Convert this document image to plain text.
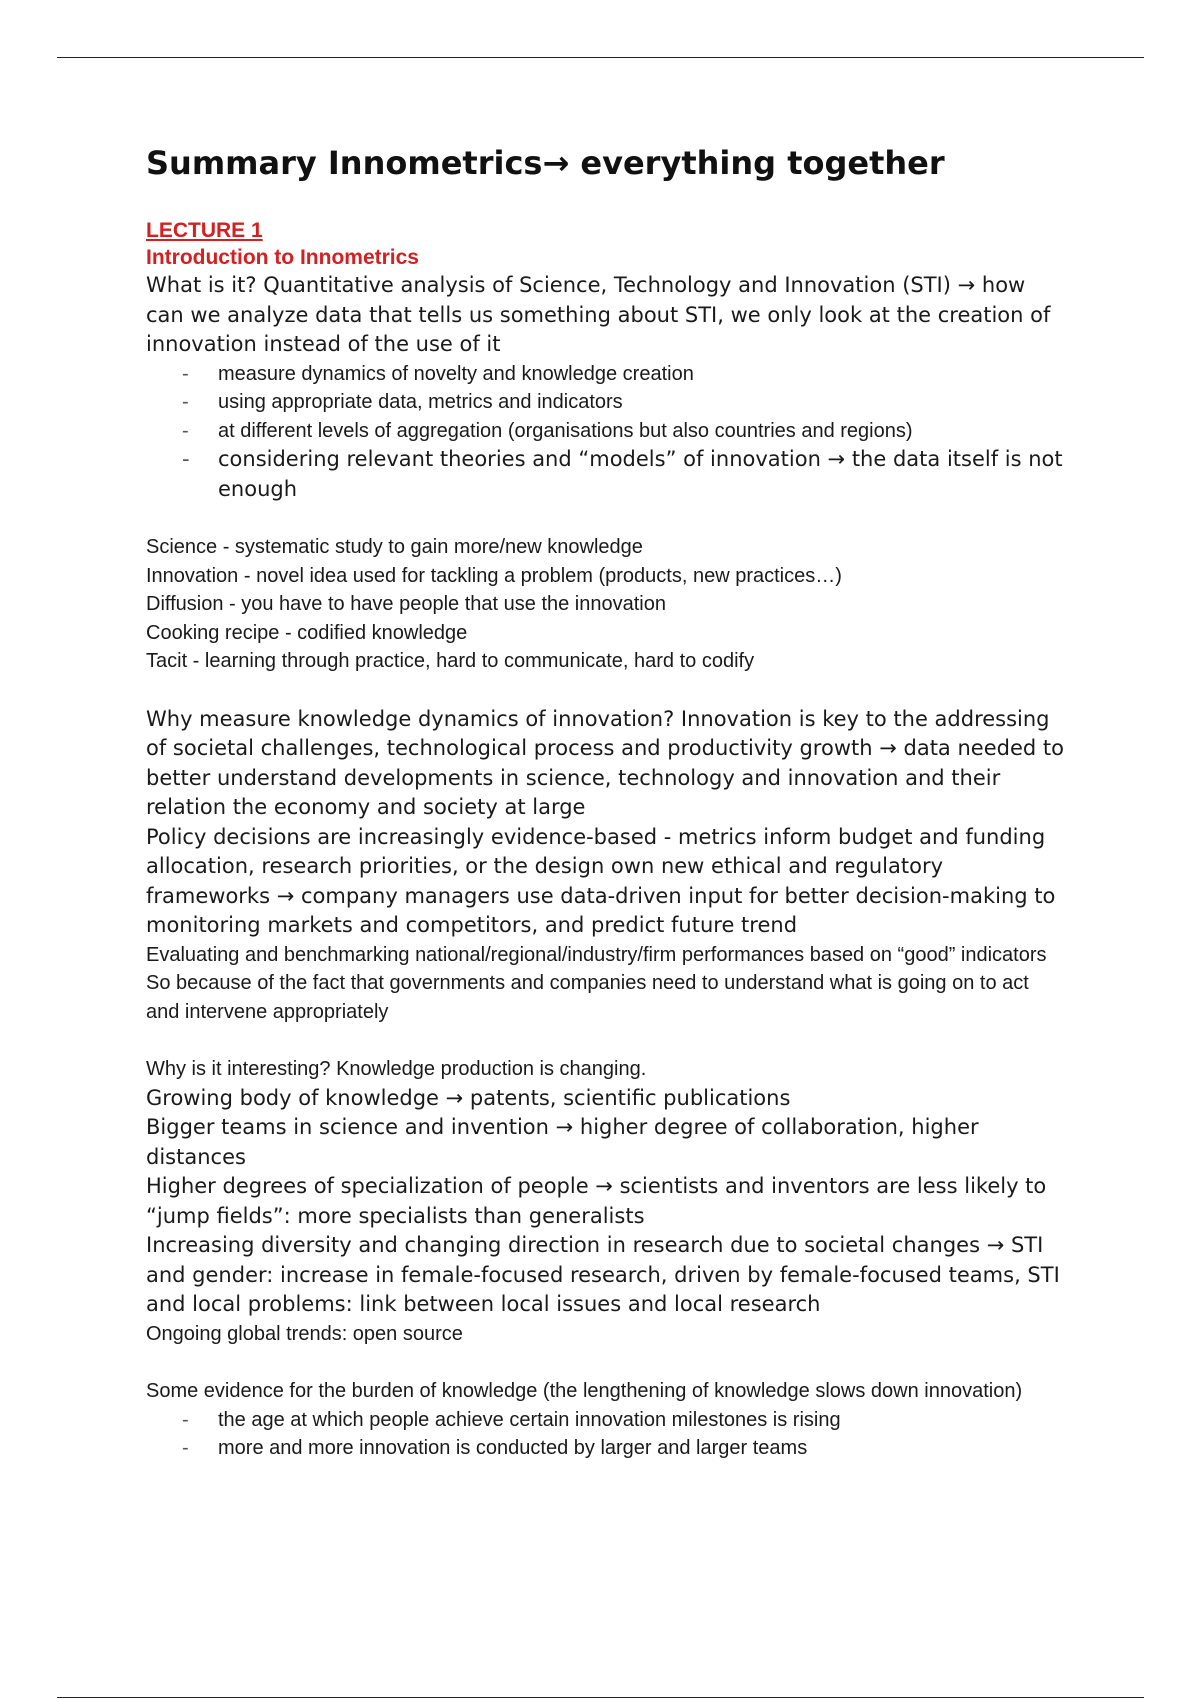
Summary Innometrics→ everything together

LECTURE 1

Introduction to Innometrics

What is it? Quantitative analysis of Science, Technology and Innovation (STI) → how can we analyze data that tells us something about STI, we only look at the creation of innovation instead of the use of it

- measure dynamics of novelty and knowledge creation
- using appropriate data, metrics and indicators
- at different levels of aggregation (organisations but also countries and regions)
- considering relevant theories and “models” of innovation → the data itself is not enough

Science - systematic study to gain more/new knowledge

Innovation - novel idea used for tackling a problem (products, new practices…)

Diffusion - you have to have people that use the innovation

Cooking recipe - codified knowledge

Tacit - learning through practice, hard to communicate, hard to codify

Why measure knowledge dynamics of innovation? Innovation is key to the addressing of societal challenges, technological process and productivity growth → data needed to better understand developments in science, technology and innovation and their relation the economy and society at large

Policy decisions are increasingly evidence-based - metrics inform budget and funding allocation, research priorities, or the design own new ethical and regulatory frameworks → company managers use data-driven input for better decision-making to monitoring markets and competitors, and predict future trend

Evaluating and benchmarking national/regional/industry/firm performances based on “good” indicators

So because of the fact that governments and companies need to understand what is going on to act and intervene appropriately

Why is it interesting? Knowledge production is changing.

Growing body of knowledge → patents, scientific publications

Bigger teams in science and invention → higher degree of collaboration, higher distances

Higher degrees of specialization of people → scientists and inventors are less likely to “jump fields”: more specialists than generalists

Increasing diversity and changing direction in research due to societal changes → STI and gender: increase in female-focused research, driven by female-focused teams, STI and local problems: link between local issues and local research

Ongoing global trends: open source

Some evidence for the burden of knowledge (the lengthening of knowledge slows down innovation)

- the age at which people achieve certain innovation milestones is rising
- more and more innovation is conducted by larger and larger teams
